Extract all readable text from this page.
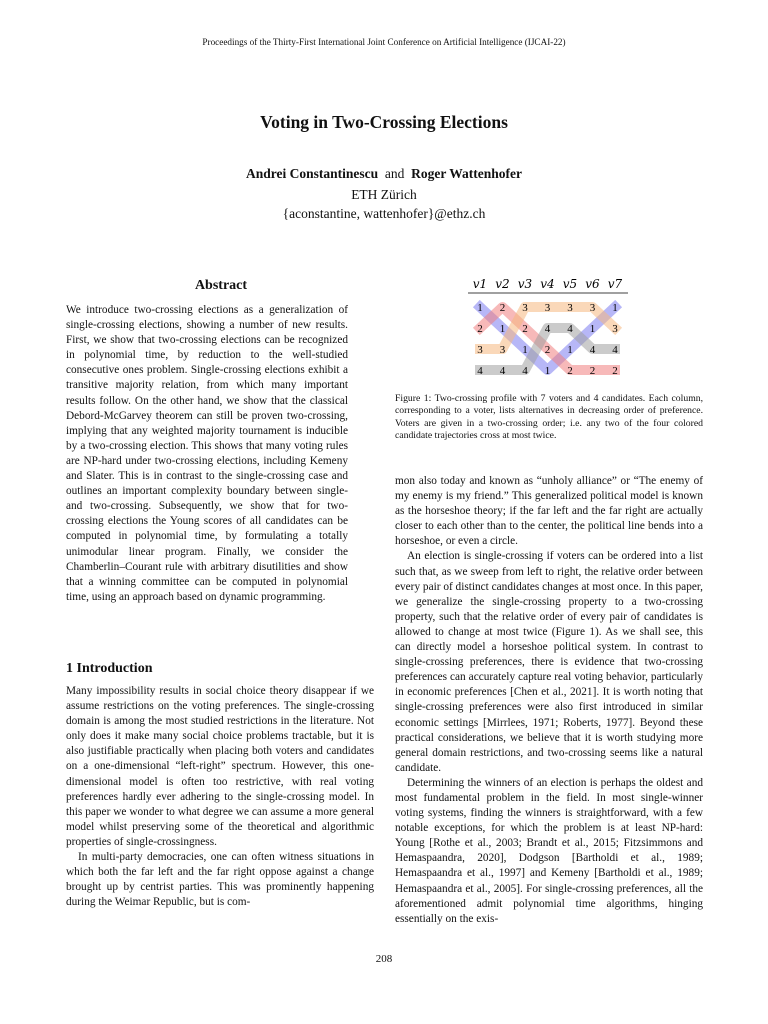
Proceedings of the Thirty-First International Joint Conference on Artificial Intelligence (IJCAI-22)
Voting in Two-Crossing Elections
Andrei Constantinescu and Roger Wattenhofer
ETH Zürich
{aconstantine, wattenhofer}@ethz.ch
Abstract
We introduce two-crossing elections as a generalization of single-crossing elections, showing a number of new results. First, we show that two-crossing elections can be recognized in polynomial time, by reduction to the well-studied consecutive ones problem. Single-crossing elections exhibit a transitive majority relation, from which many important results follow. On the other hand, we show that the classical Debord-McGarvey theorem can still be proven two-crossing, implying that any weighted majority tournament is inducible by a two-crossing election. This shows that many voting rules are NP-hard under two-crossing elections, including Kemeny and Slater. This is in contrast to the single-crossing case and outlines an important complexity boundary between single- and two-crossing. Subsequently, we show that for two-crossing elections the Young scores of all candidates can be computed in polynomial time, by formulating a totally unimodular linear program. Finally, we consider the Chamberlin–Courant rule with arbitrary disutilities and show that a winning committee can be computed in polynomial time, using an approach based on dynamic programming.
1 Introduction

Many impossibility results in social choice theory disappear if we assume restrictions on the voting preferences. The single-crossing domain is among the most studied restrictions in the literature. Not only does it make many social choice problems tractable, but it is also justifiable practically when placing both voters and candidates on a one-dimensional “left-right” spectrum. However, this one-dimensional model is often too restrictive, with real voting preferences hardly ever adhering to the single-crossing model. In this paper we wonder to what degree we can assume a more general model whilst preserving some of the theoretical and algorithmic properties of single-crossingness.

In multi-party democracies, one can often witness situations in which both the far left and the far right oppose against a change brought up by centrist parties. This was prominently happening during the Weimar Republic, but is com-

v1 v2 v3 v4 v5 v6 v7
1 2 3 3 3 3 1
2 1 2 4 4 1 3
3 3 1 2 1 4 4
4 4 4 1 2 2 2
Figure 1: Two-crossing profile with 7 voters and 4 candidates. Each column, corresponding to a voter, lists alternatives in decreasing order of preference. Voters are given in a two-crossing order; i.e. any two of the four colored candidate trajectories cross at most twice.

mon also today and known as “unholy alliance” or “The enemy of my enemy is my friend.” This generalized political model is known as the horseshoe theory; if the far left and the far right are actually closer to each other than to the center, the political line bends into a horseshoe, or even a circle.

An election is single-crossing if voters can be ordered into a list such that, as we sweep from left to right, the relative order between every pair of distinct candidates changes at most once. In this paper, we generalize the single-crossing property to a two-crossing property, such that the relative order of every pair of candidates is allowed to change at most twice (Figure 1). As we shall see, this can directly model a horseshoe political system. In contrast to single-crossing preferences, there is evidence that two-crossing preferences can accurately capture real voting behavior, particularly in economic preferences [Chen et al., 2021]. It is worth noting that single-crossing preferences were also first introduced in similar economic settings [Mirrlees, 1971; Roberts, 1977]. Beyond these practical considerations, we believe that it is worth studying more general domain restrictions, and two-crossing seems like a natural candidate.

Determining the winners of an election is perhaps the oldest and most fundamental problem in the field. In most single-winner voting systems, finding the winners is straightforward, with a few notable exceptions, for which the problem is at least NP-hard: Young [Rothe et al., 2003; Brandt et al., 2015; Fitzsimmons and Hemaspaandra, 2020], Dodgson [Bartholdi et al., 1989; Hemaspaandra et al., 1997] and Kemeny [Bartholdi et al., 1989; Hemaspaandra et al., 2005]. For single-crossing preferences, all the aforementioned admit polynomial time algorithms, hinging essentially on the exis-

208
